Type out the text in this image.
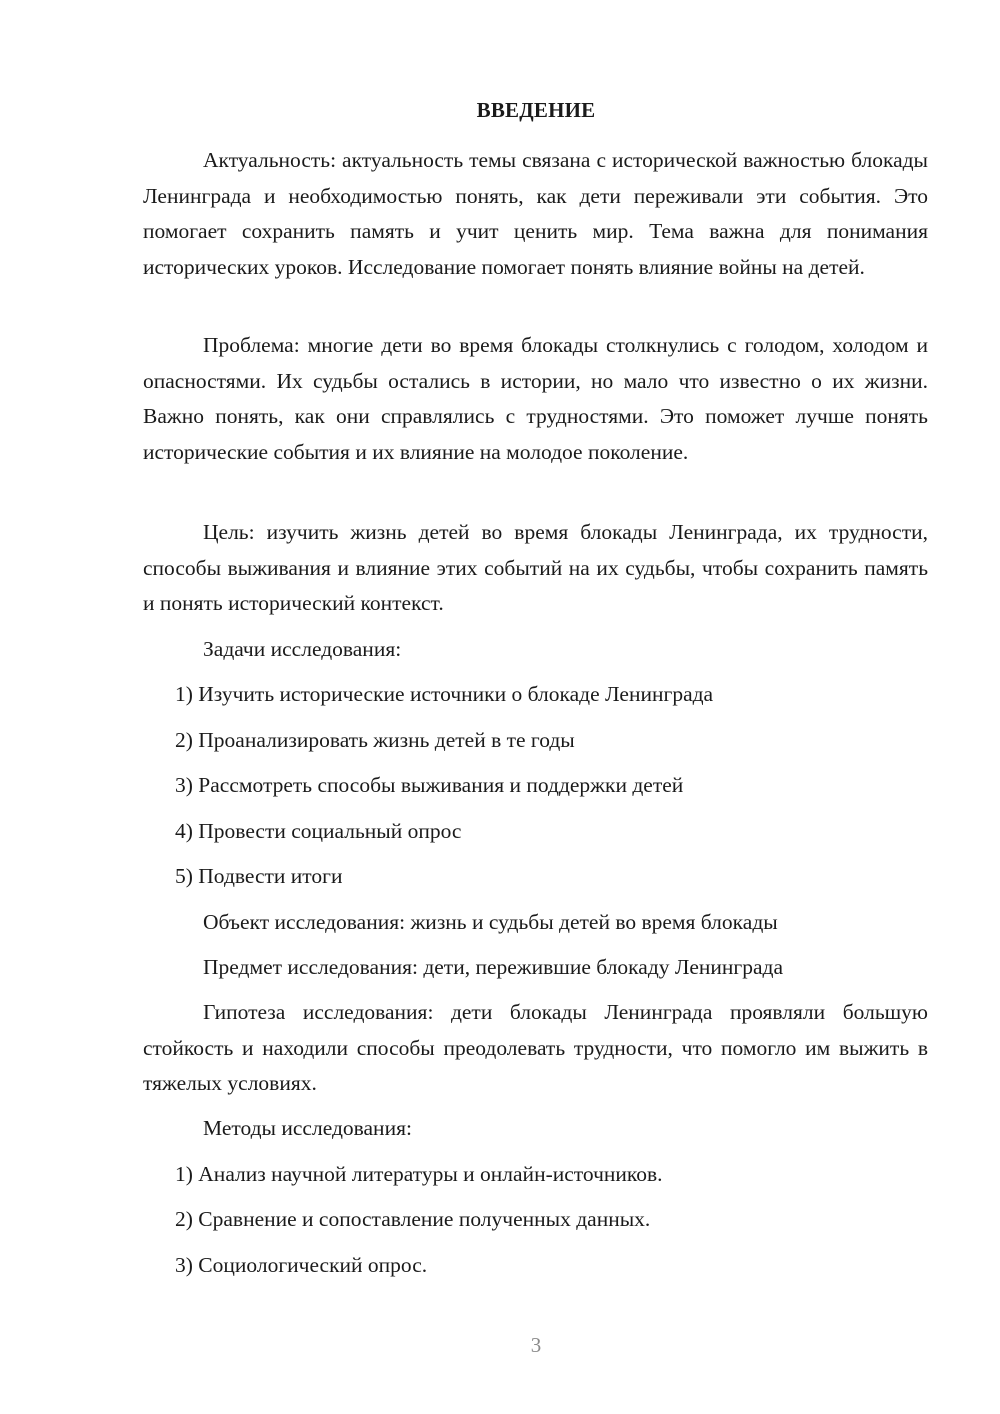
ВВЕДЕНИЕ

Актуальность: актуальность темы связана с исторической важностью блокады Ленинграда и необходимостью понять, как дети переживали эти события. Это помогает сохранить память и учит ценить мир. Тема важна для понимания исторических уроков. Исследование помогает понять влияние войны на детей.

Проблема: многие дети во время блокады столкнулись с голодом, холодом и опасностями. Их судьбы остались в истории, но мало что известно о их жизни. Важно понять, как они справлялись с трудностями. Это поможет лучше понять исторические события и их влияние на молодое поколение.

Цель: изучить жизнь детей во время блокады Ленинграда, их трудности, способы выживания и влияние этих событий на их судьбы, чтобы сохранить память и понять исторический контекст.

Задачи исследования:

1) Изучить исторические источники о блокаде Ленинграда

2) Проанализировать жизнь детей в те годы

3) Рассмотреть способы выживания и поддержки детей

4) Провести социальный опрос

5) Подвести итоги

Объект исследования: жизнь и судьбы детей во время блокады

Предмет исследования: дети, пережившие блокаду Ленинграда

Гипотеза исследования: дети блокады Ленинграда проявляли большую стойкость и находили способы преодолевать трудности, что помогло им выжить в тяжелых условиях.

Методы исследования:

1) Анализ научной литературы и онлайн-источников.

2) Сравнение и сопоставление полученных данных.

3) Социологический опрос.

3
